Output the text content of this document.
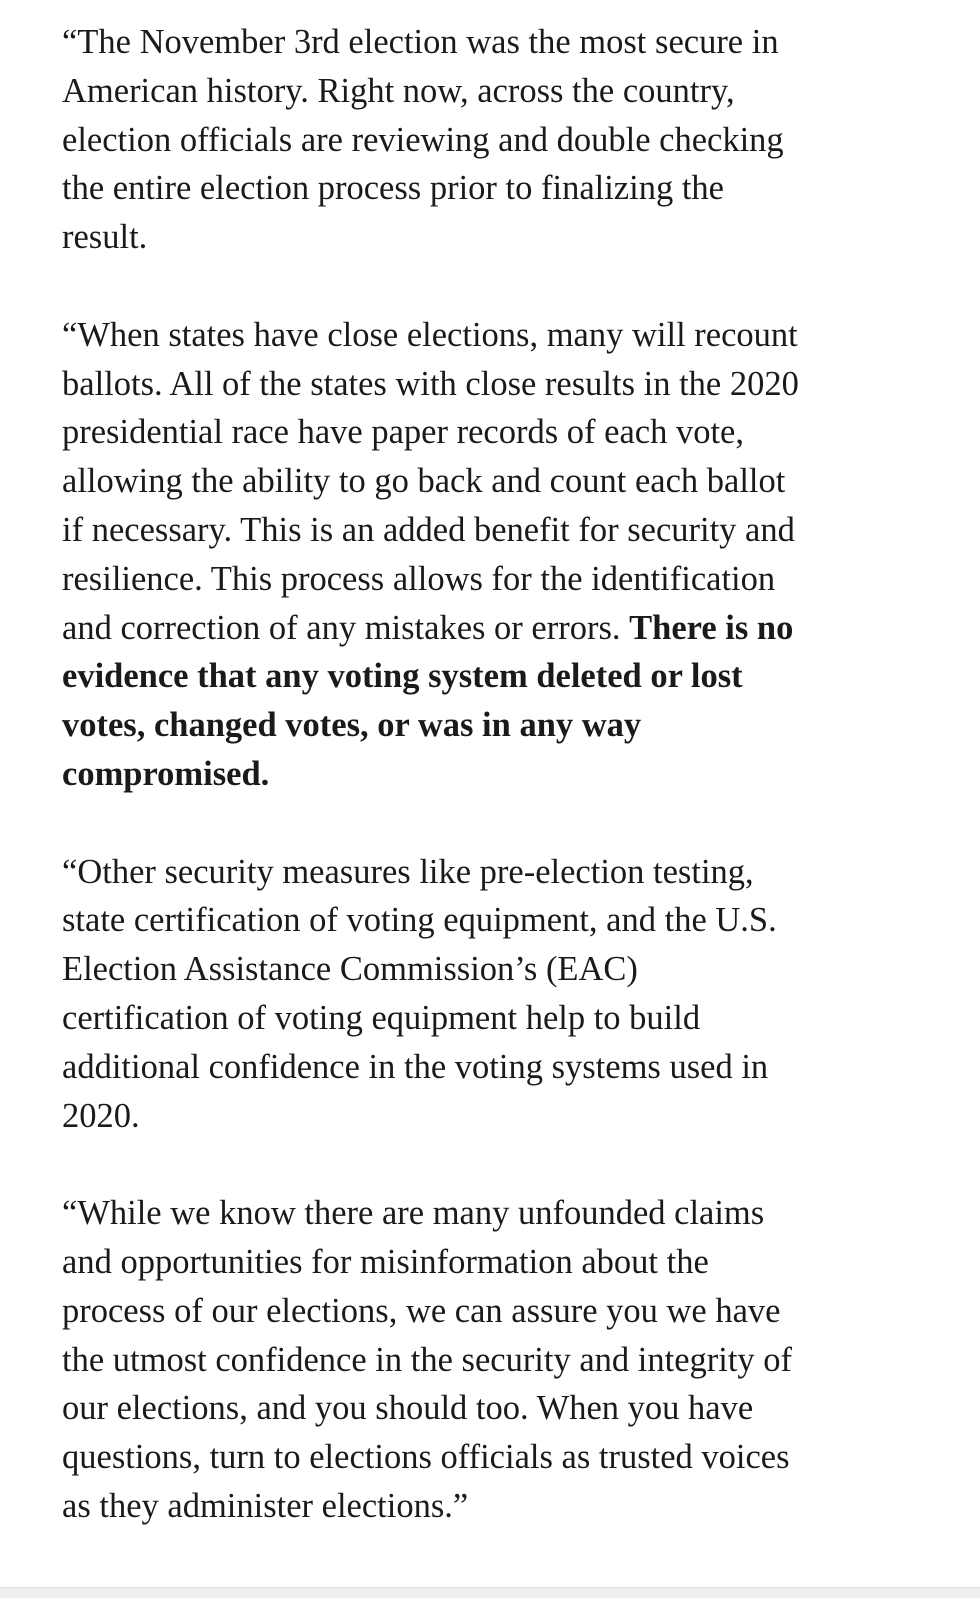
“The November 3rd election was the most secure in
American history. Right now, across the country,
election officials are reviewing and double checking
the entire election process prior to finalizing the
result.

“When states have close elections, many will recount
ballots. All of the states with close results in the 2020
presidential race have paper records of each vote,
allowing the ability to go back and count each ballot
if necessary. This is an added benefit for security and
resilience. This process allows for the identification
and correction of any mistakes or errors. There is no
evidence that any voting system deleted or lost
votes, changed votes, or was in any way
compromised.

“Other security measures like pre-election testing,
state certification of voting equipment, and the U.S.
Election Assistance Commission’s (EAC)
certification of voting equipment help to build
additional confidence in the voting systems used in
2020.

“While we know there are many unfounded claims
and opportunities for misinformation about the
process of our elections, we can assure you we have
the utmost confidence in the security and integrity of
our elections, and you should too. When you have
questions, turn to elections officials as trusted voices
as they administer elections.”
